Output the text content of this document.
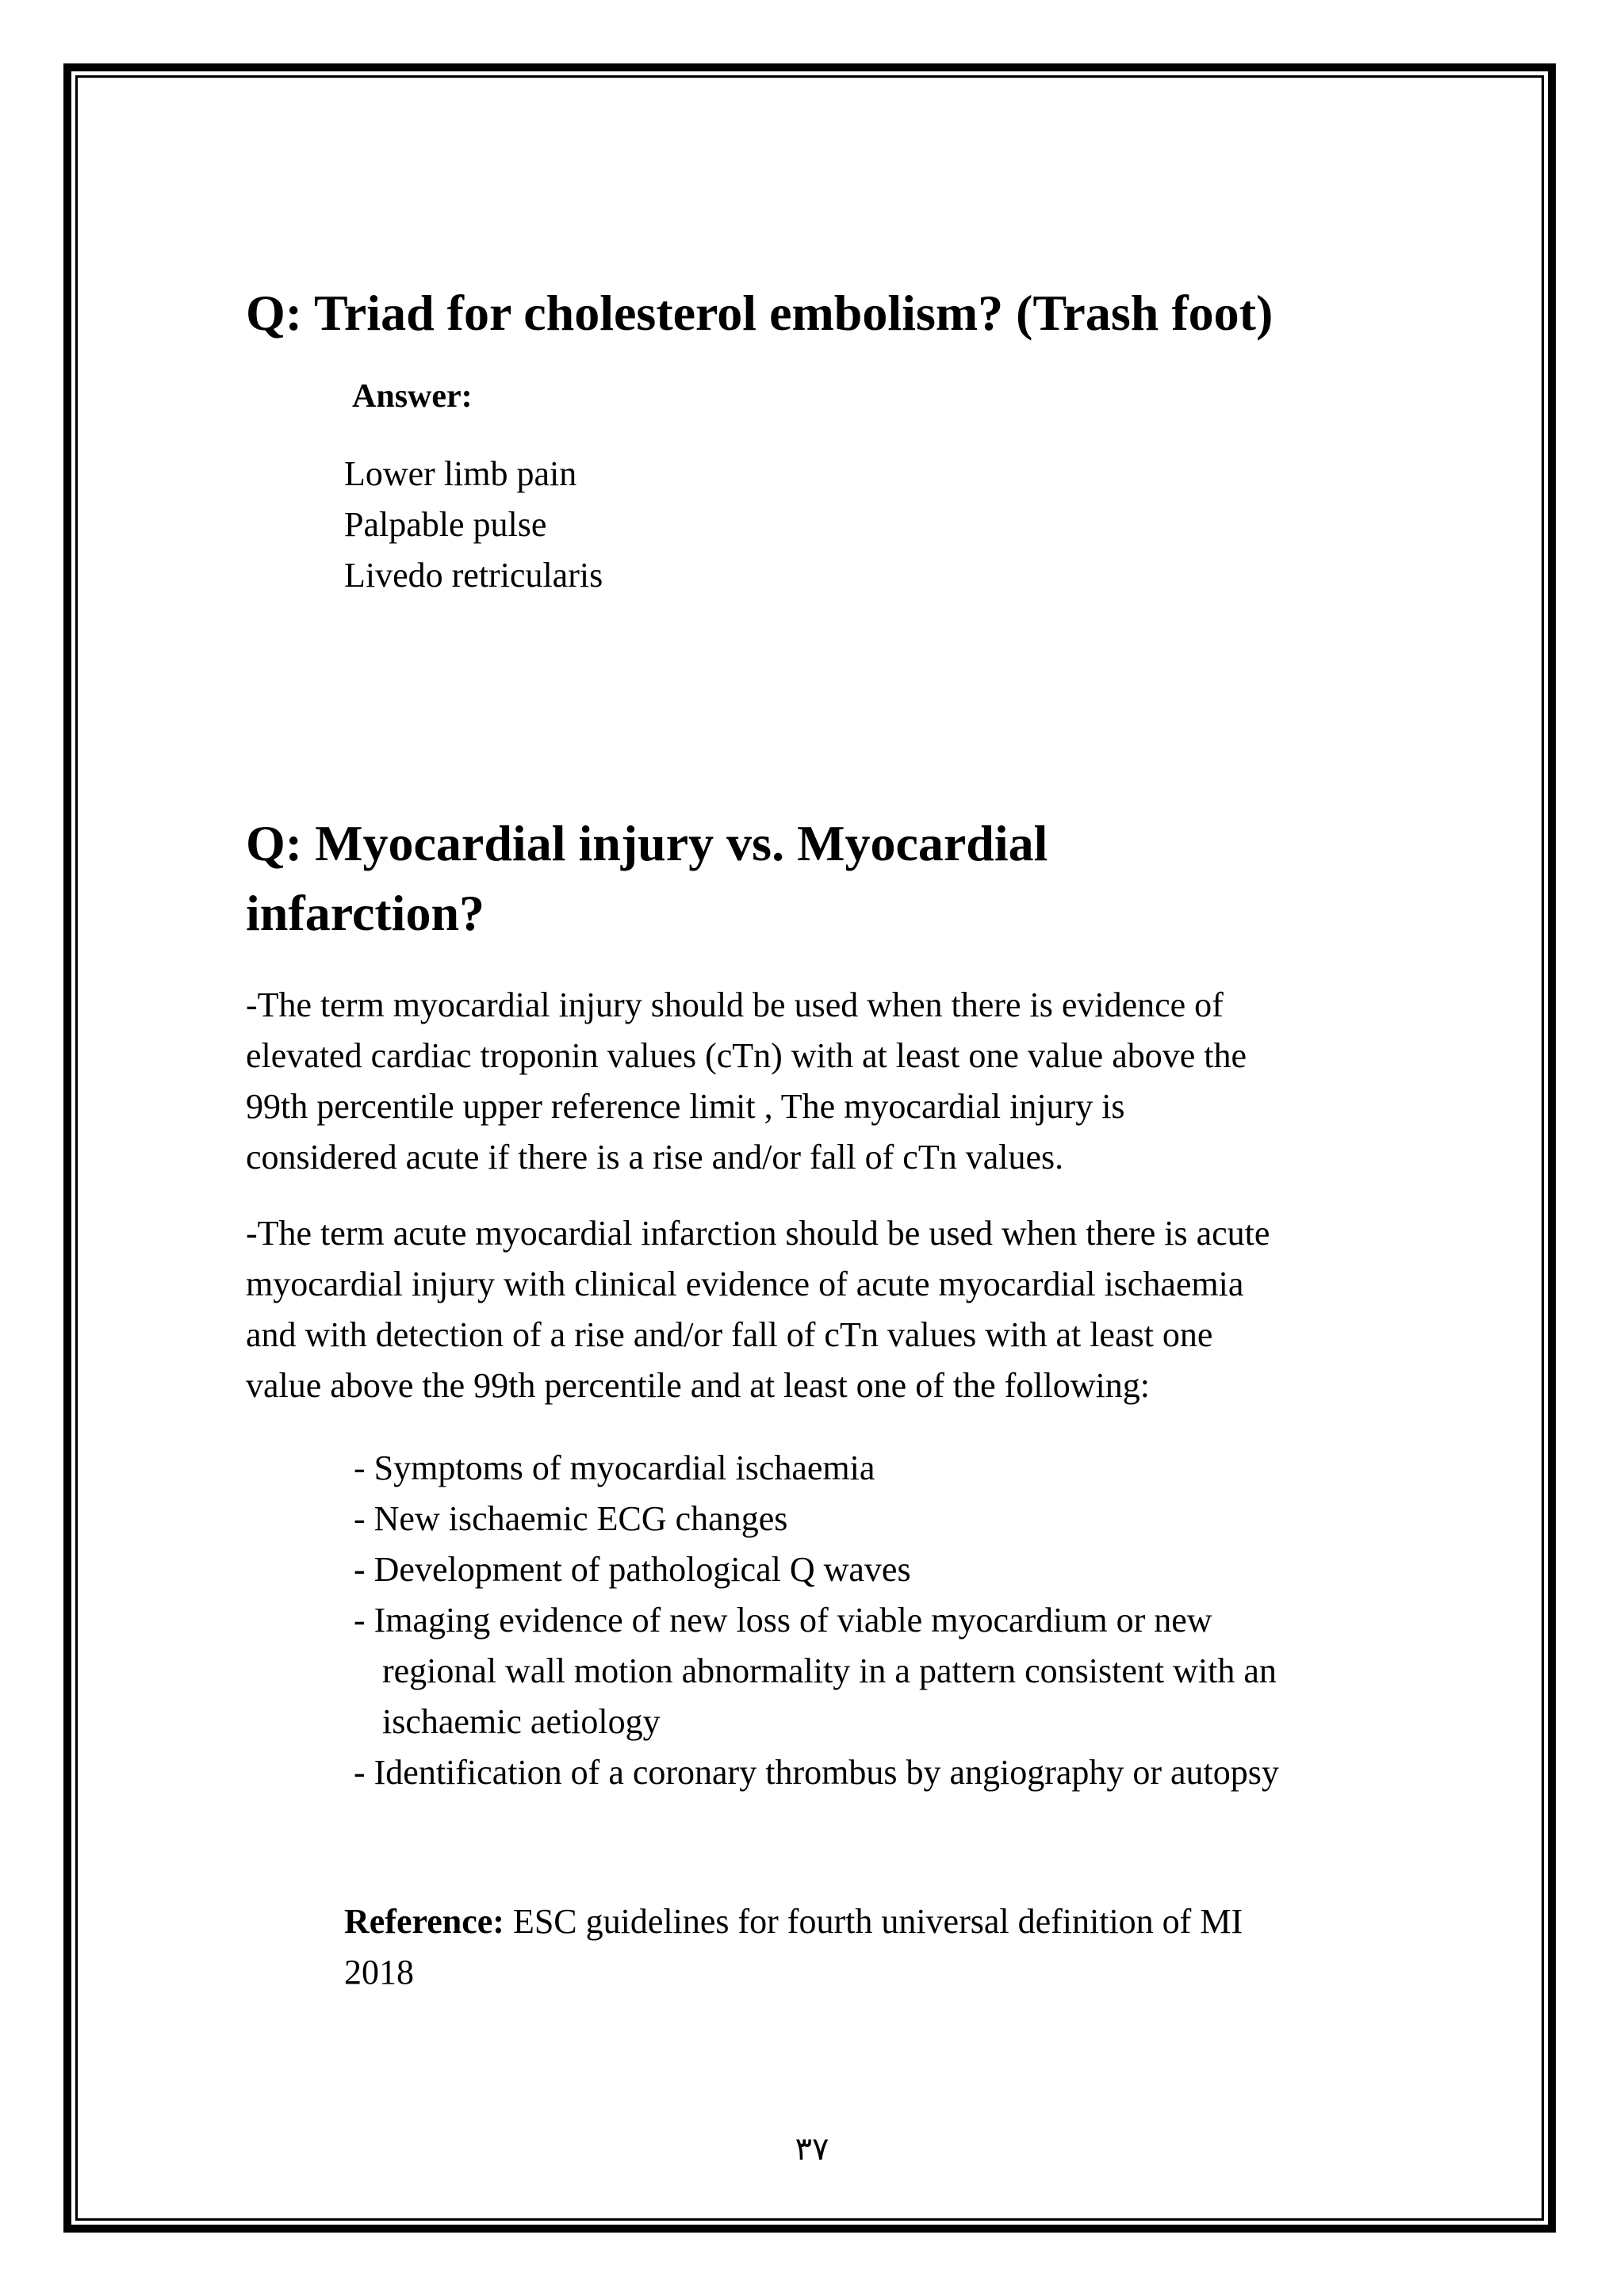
Q: Triad for cholesterol embolism? (Trash foot)
Answer:
Lower limb pain
Palpable pulse
Livedo retricularis
Q: Myocardial injury vs. Myocardial
infarction?
-The term myocardial injury should be used when there is evidence of
elevated cardiac troponin values (cTn) with at least one value above the
99th percentile upper reference limit , The myocardial injury is
considered acute if there is a rise and/or fall of cTn values.
-The term acute myocardial infarction should be used when there is acute
myocardial injury with clinical evidence of acute myocardial ischaemia
and with detection of a rise and/or fall of cTn values with at least one
value above the 99th percentile and at least one of the following:
- Symptoms of myocardial ischaemia
- New ischaemic ECG changes
- Development of pathological Q waves
- Imaging evidence of new loss of viable myocardium or new
regional wall motion abnormality in a pattern consistent with an
ischaemic aetiology
- Identification of a coronary thrombus by angiography or autopsy
Reference: ESC guidelines for fourth universal definition of MI
2018
٣٧
